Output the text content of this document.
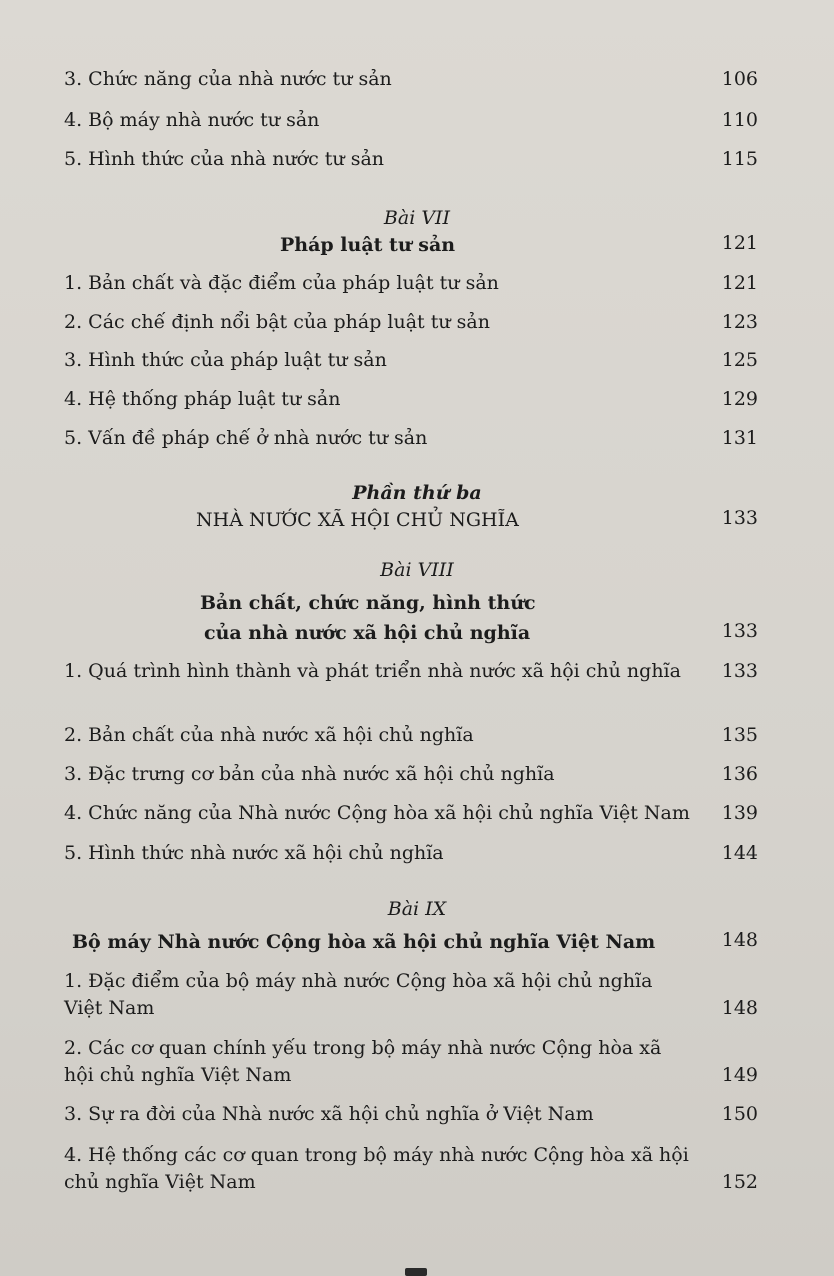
3. Chức năng của nhà nước tư sản	106
4. Bộ máy nhà nước tư sản	110
5. Hình thức của nhà nước tư sản	115
Bài VII
Pháp luật tư sản	121
1. Bản chất và đặc điểm của pháp luật tư sản	121
2. Các chế định nổi bật của pháp luật tư sản	123
3. Hình thức của pháp luật tư sản	125
4. Hệ thống pháp luật tư sản	129
5. Vấn đề pháp chế ở nhà nước tư sản	131
Phần thứ ba
NHÀ NƯỚC XÃ HỘI CHỦ NGHĨA	133
Bài VIII
Bản chất, chức năng, hình thức
của nhà nước xã hội chủ nghĩa	133
1. Quá trình hình thành và phát triển nhà nước xã hội chủ nghĩa 133
2. Bản chất của nhà nước xã hội chủ nghĩa	135
3. Đặc trưng cơ bản của nhà nước xã hội chủ nghĩa	136
4. Chức năng của Nhà nước Cộng hòa xã hội chủ nghĩa Việt Nam 139
5. Hình thức nhà nước xã hội chủ nghĩa	144
Bài IX
Bộ máy Nhà nước Cộng hòa xã hội chủ nghĩa Việt Nam	148
1. Đặc điểm của bộ máy nhà nước Cộng hòa xã hội chủ nghĩa
Việt Nam	148
2. Các cơ quan chính yếu trong bộ máy nhà nước Cộng hòa xã
hội chủ nghĩa Việt Nam	149
3. Sự ra đời của Nhà nước xã hội chủ nghĩa ở Việt Nam	150
4. Hệ thống các cơ quan trong bộ máy nhà nước Cộng hòa xã hội
chủ nghĩa Việt Nam	152
